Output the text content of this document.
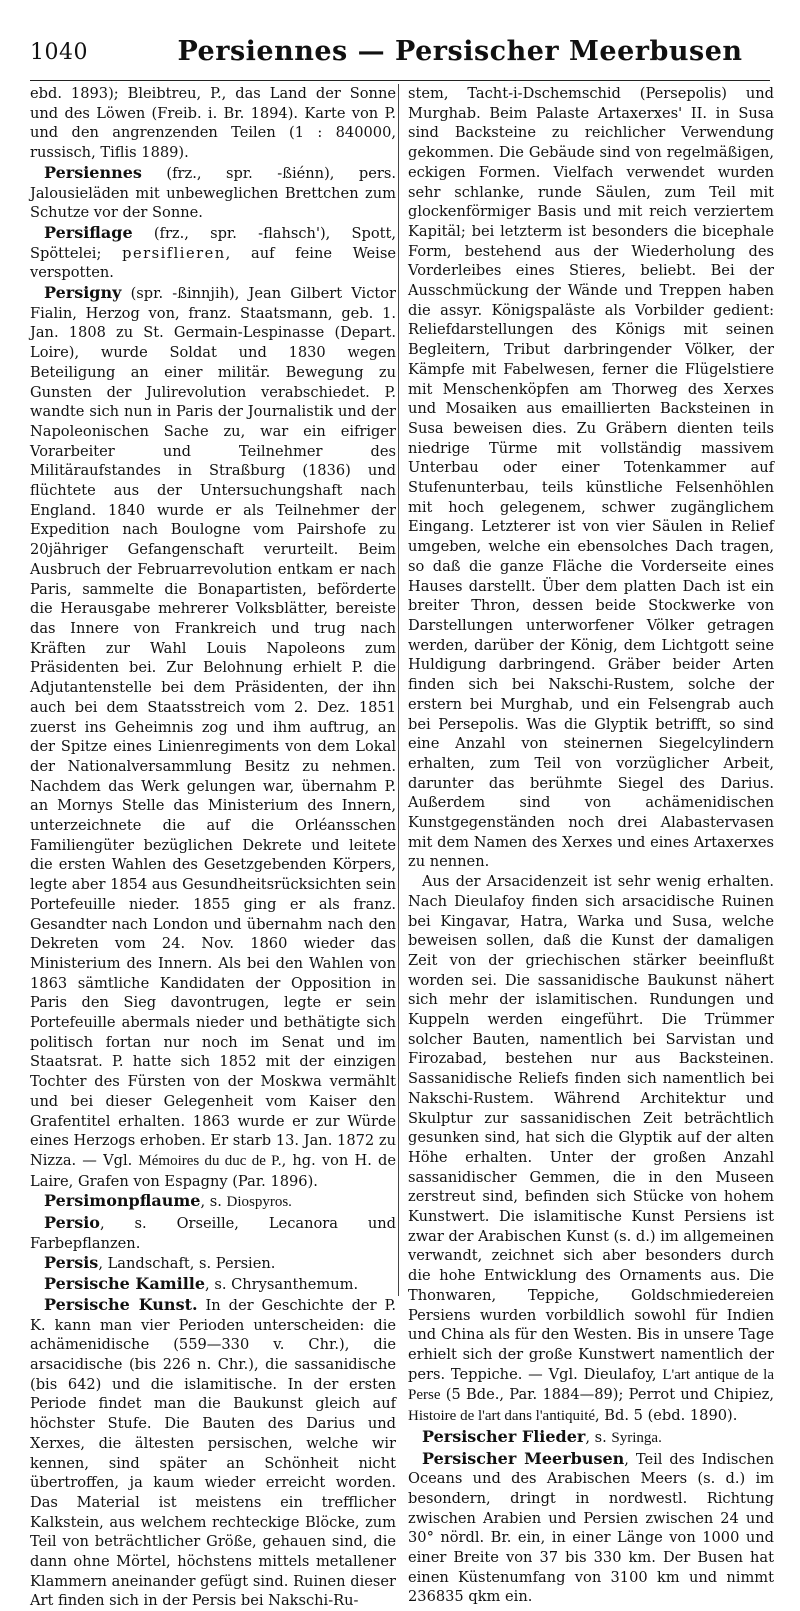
1040	Persiennes — Persischer Meerbusen

ebd. 1893); Bleibtreu, P., das Land der Sonne und des Löwen (Freib. i. Br. 1894). Karte von P. und den angrenzenden Teilen (1 : 840000, russisch, Tiflis 1889).

Persiennes (frz., spr. -ßiénn), pers. Jalousieläden mit unbeweglichen Brettchen zum Schutze vor der Sonne.

Persiflage (frz., spr. -flahsch'), Spott, Spöttelei; persiflieren, auf feine Weise verspotten.

Persigny (spr. -ßinnjih), Jean Gilbert Victor Fialin, Herzog von, franz. Staatsmann, geb. 1. Jan. 1808 zu St. Germain-Lespinasse (Depart. Loire), wurde Soldat und 1830 wegen Beteiligung an einer militär. Bewegung zu Gunsten der Julirevolution verabschiedet. P. wandte sich nun in Paris der Journalistik und der Napoleonischen Sache zu, war ein eifriger Vorarbeiter und Teilnehmer des Militäraufstandes in Straßburg (1836) und flüchtete aus der Untersuchungshaft nach England. 1840 wurde er als Teilnehmer der Expedition nach Boulogne vom Pairshofe zu 20jähriger Gefangenschaft verurteilt. Beim Ausbruch der Februarrevolution entkam er nach Paris, sammelte die Bonapartisten, beförderte die Herausgabe mehrerer Volksblätter, bereiste das Innere von Frankreich und trug nach Kräften zur Wahl Louis Napoleons zum Präsidenten bei. Zur Belohnung erhielt P. die Adjutantenstelle bei dem Präsidenten, der ihn auch bei dem Staatsstreich vom 2. Dez. 1851 zuerst ins Geheimnis zog und ihm auftrug, an der Spitze eines Linienregiments von dem Lokal der Nationalversammlung Besitz zu nehmen. Nachdem das Werk gelungen war, übernahm P. an Mornys Stelle das Ministerium des Innern, unterzeichnete die auf die Orléansschen Familiengüter bezüglichen Dekrete und leitete die ersten Wahlen des Gesetzgebenden Körpers, legte aber 1854 aus Gesundheitsrücksichten sein Portefeuille nieder. 1855 ging er als franz. Gesandter nach London und übernahm nach den Dekreten vom 24. Nov. 1860 wieder das Ministerium des Innern. Als bei den Wahlen von 1863 sämtliche Kandidaten der Opposition in Paris den Sieg davontrugen, legte er sein Portefeuille abermals nieder und bethätigte sich politisch fortan nur noch im Senat und im Staatsrat. P. hatte sich 1852 mit der einzigen Tochter des Fürsten von der Moskwa vermählt und bei dieser Gelegenheit vom Kaiser den Grafentitel erhalten. 1863 wurde er zur Würde eines Herzogs erhoben. Er starb 13. Jan. 1872 zu Nizza. — Vgl. Mémoires du duc de P., hg. von H. de Laire, Grafen von Espagny (Par. 1896).

Persimonpflaume, s. Diospyros.

Persio, s. Orseille, Lecanora und Farbepflanzen.

Persis, Landschaft, s. Persien.

Persische Kamille, s. Chrysanthemum.

Persische Kunst. In der Geschichte der P. K. kann man vier Perioden unterscheiden: die achämenidische (559—330 v. Chr.), die arsacidische (bis 226 n. Chr.), die sassanidische (bis 642) und die islamitische. In der ersten Periode findet man die Baukunst gleich auf höchster Stufe. Die Bauten des Darius und Xerxes, die ältesten persischen, welche wir kennen, sind später an Schönheit nicht übertroffen, ja kaum wieder erreicht worden. Das Material ist meistens ein trefflicher Kalkstein, aus welchem rechteckige Blöcke, zum Teil von beträchtlicher Größe, gehauen sind, die dann ohne Mörtel, höchstens mittels metallener Klammern aneinander gefügt sind. Ruinen dieser Art finden sich in der Persis bei Nakschi-Ru-

stem, Tacht-i-Dschemschid (Persepolis) und Murghab. Beim Palaste Artaxerxes' II. in Susa sind Backsteine zu reichlicher Verwendung gekommen. Die Gebäude sind von regelmäßigen, eckigen Formen. Vielfach verwendet wurden sehr schlanke, runde Säulen, zum Teil mit glockenförmiger Basis und mit reich verziertem Kapitäl; bei letzterm ist besonders die bicephale Form, bestehend aus der Wiederholung des Vorderleibes eines Stieres, beliebt. Bei der Ausschmückung der Wände und Treppen haben die assyr. Königspaläste als Vorbilder gedient: Reliefdarstellungen des Königs mit seinen Begleitern, Tribut darbringender Völker, der Kämpfe mit Fabelwesen, ferner die Flügelstiere mit Menschenköpfen am Thorweg des Xerxes und Mosaiken aus emaillierten Backsteinen in Susa beweisen dies. Zu Gräbern dienten teils niedrige Türme mit vollständig massivem Unterbau oder einer Totenkammer auf Stufenunterbau, teils künstliche Felsenhöhlen mit hoch gelegenem, schwer zugänglichem Eingang. Letzterer ist von vier Säulen in Relief umgeben, welche ein ebensolches Dach tragen, so daß die ganze Fläche die Vorderseite eines Hauses darstellt. Über dem platten Dach ist ein breiter Thron, dessen beide Stockwerke von Darstellungen unterworfener Völker getragen werden, darüber der König, dem Lichtgott seine Huldigung darbringend. Gräber beider Arten finden sich bei Nakschi-Rustem, solche der erstern bei Murghab, und ein Felsengrab auch bei Persepolis. Was die Glyptik betrifft, so sind eine Anzahl von steinernen Siegelcylindern erhalten, zum Teil von vorzüglicher Arbeit, darunter das berühmte Siegel des Darius. Außerdem sind von achämenidischen Kunstgegenständen noch drei Alabastervasen mit dem Namen des Xerxes und eines Artaxerxes zu nennen.

Aus der Arsacidenzeit ist sehr wenig erhalten. Nach Dieulafoy finden sich arsacidische Ruinen bei Kingavar, Hatra, Warka und Susa, welche beweisen sollen, daß die Kunst der damaligen Zeit von der griechischen stärker beeinflußt worden sei. Die sassanidische Baukunst nähert sich mehr der islamitischen. Rundungen und Kuppeln werden eingeführt. Die Trümmer solcher Bauten, namentlich bei Sarvistan und Firozabad, bestehen nur aus Backsteinen. Sassanidische Reliefs finden sich namentlich bei Nakschi-Rustem. Während Architektur und Skulptur zur sassanidischen Zeit beträchtlich gesunken sind, hat sich die Glyptik auf der alten Höhe erhalten. Unter der großen Anzahl sassanidischer Gemmen, die in den Museen zerstreut sind, befinden sich Stücke von hohem Kunstwert. Die islamitische Kunst Persiens ist zwar der Arabischen Kunst (s. d.) im allgemeinen verwandt, zeichnet sich aber besonders durch die hohe Entwicklung des Ornaments aus. Die Thonwaren, Teppiche, Goldschmiedereien Persiens wurden vorbildlich sowohl für Indien und China als für den Westen. Bis in unsere Tage erhielt sich der große Kunstwert namentlich der pers. Teppiche. — Vgl. Dieulafoy, L'art antique de la Perse (5 Bde., Par. 1884—89); Perrot und Chipiez, Histoire de l'art dans l'antiquité, Bd. 5 (ebd. 1890).

Persischer Flieder, s. Syringa.

Persischer Meerbusen, Teil des Indischen Oceans und des Arabischen Meers (s. d.) im besondern, dringt in nordwestl. Richtung zwischen Arabien und Persien zwischen 24 und 30° nördl. Br. ein, in einer Länge von 1000 und einer Breite von 37 bis 330 km. Der Busen hat einen Küstenumfang von 3100 km und nimmt 236835 qkm ein.
